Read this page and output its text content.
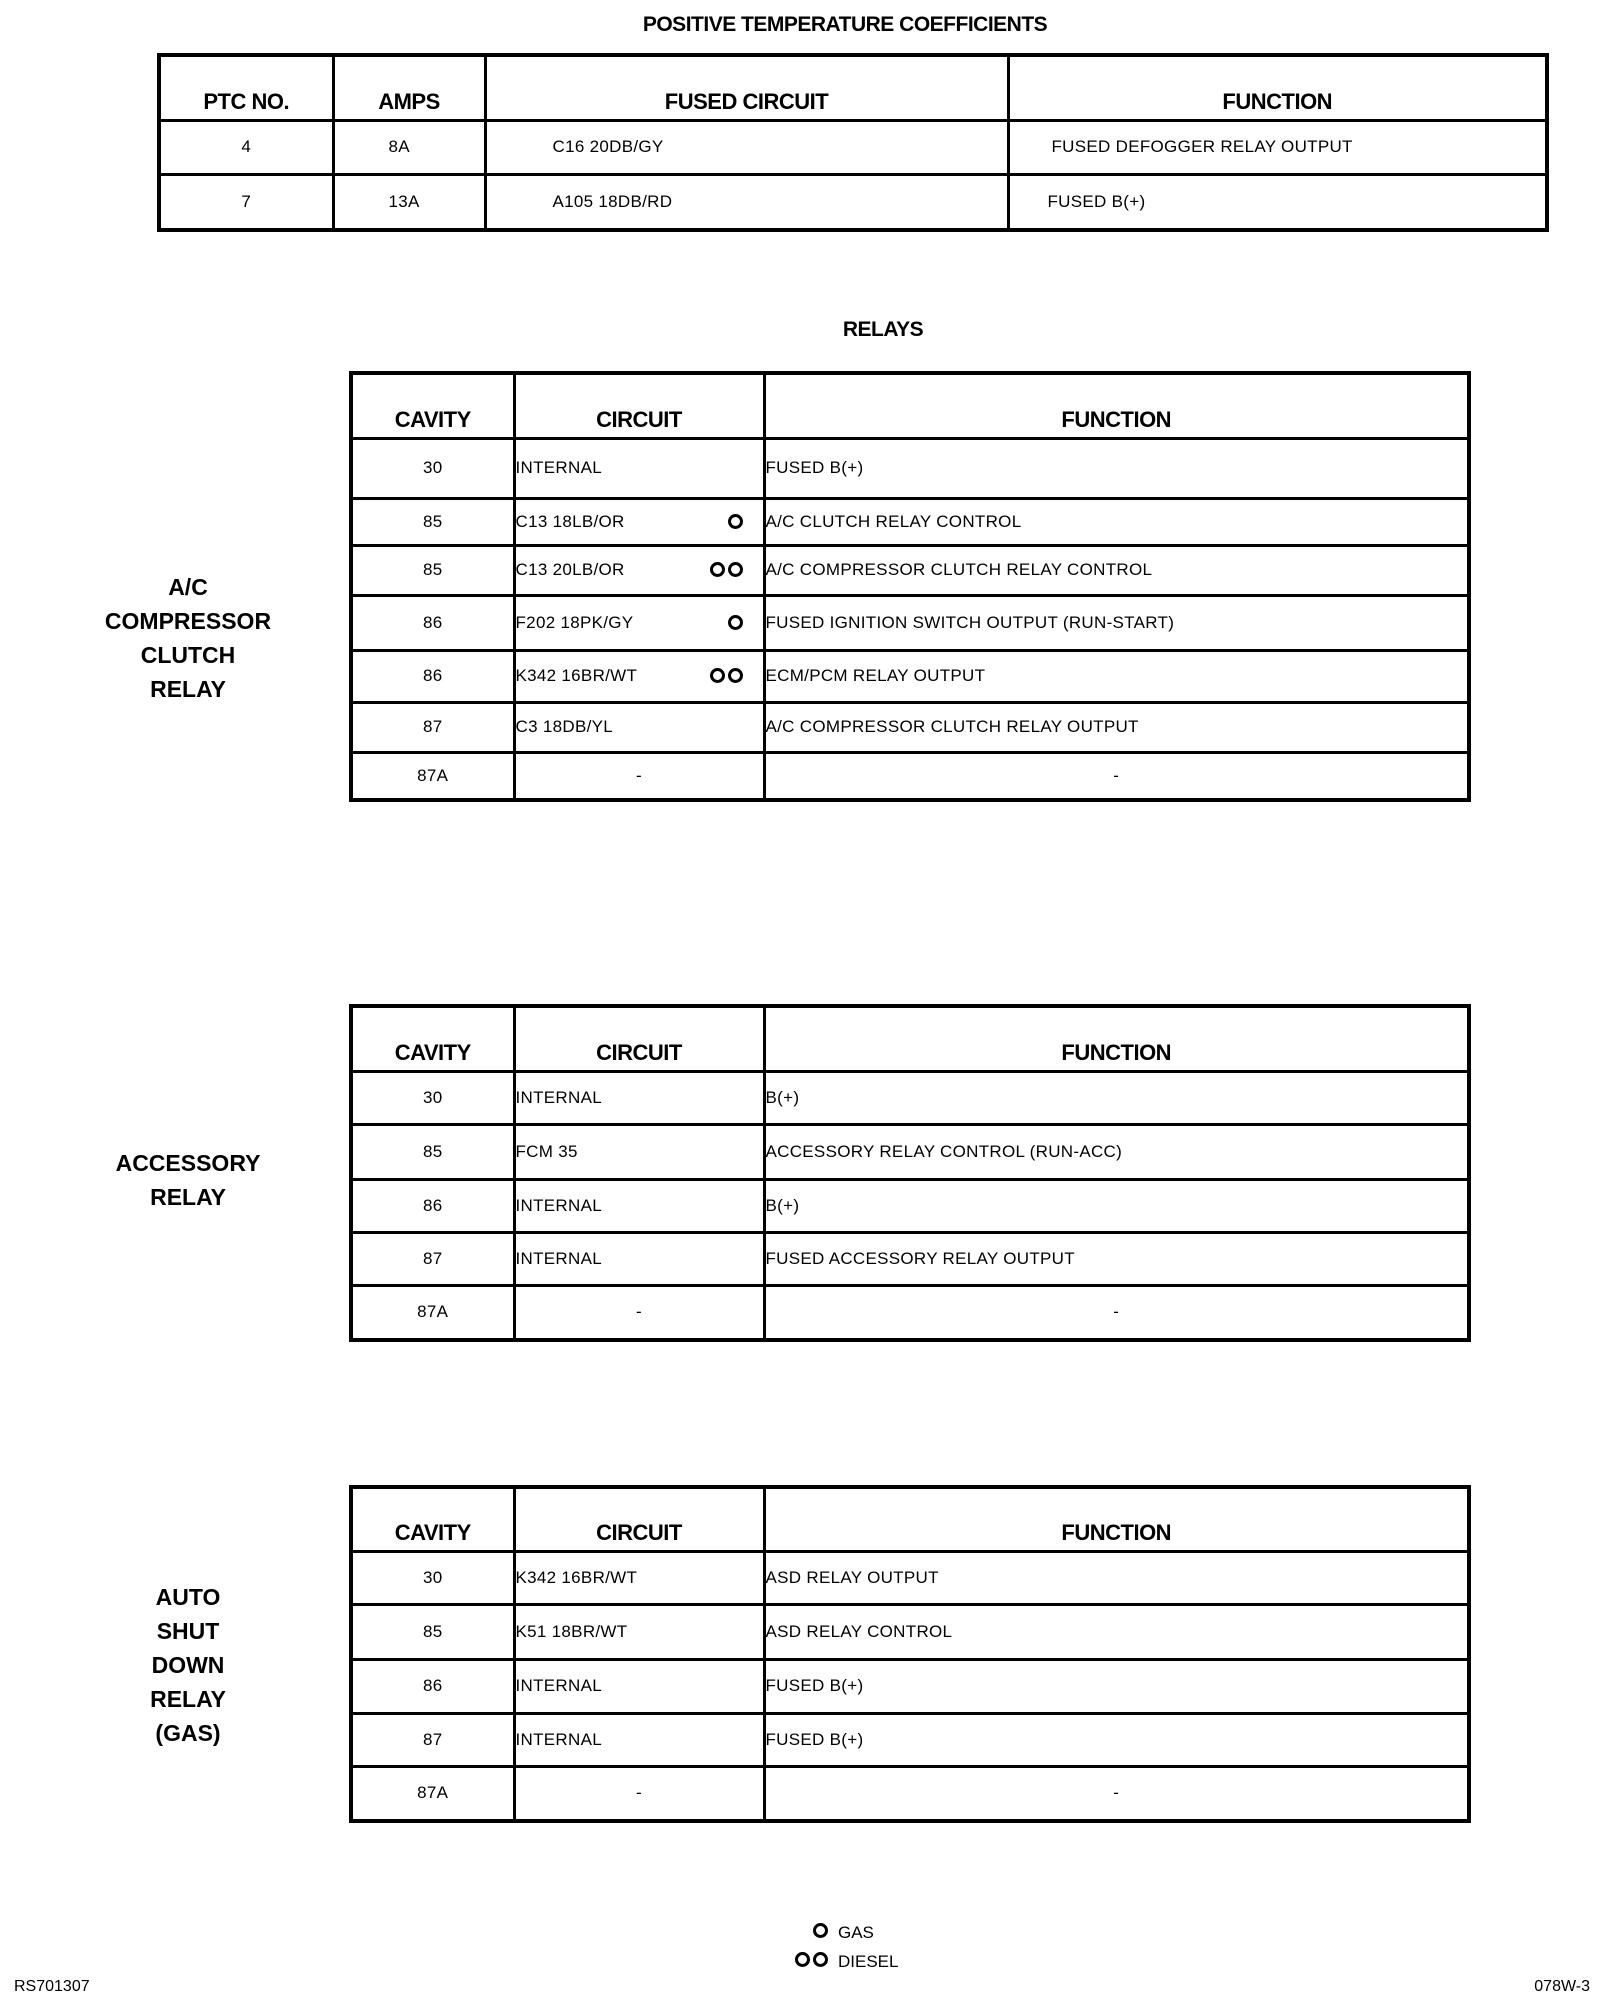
POSITIVE TEMPERATURE COEFFICIENTS
PTC NO.	AMPS	FUSED CIRCUIT	FUNCTION
4	8A	C16 20DB/GY	FUSED DEFOGGER RELAY OUTPUT
7	13A	A105 18DB/RD	FUSED B(+)
RELAYS
A/C
COMPRESSOR
CLUTCH
RELAY
CAVITY	CIRCUIT	FUNCTION
30	INTERNAL	FUSED B(+)
85	C13 18LB/OR	A/C CLUTCH RELAY CONTROL
85	C13 20LB/OR	A/C COMPRESSOR CLUTCH RELAY CONTROL
86	F202 18PK/GY	FUSED IGNITION SWITCH OUTPUT (RUN-START)
86	K342 16BR/WT	ECM/PCM RELAY OUTPUT
87	C3 18DB/YL	A/C COMPRESSOR CLUTCH RELAY OUTPUT
87A	-	-
ACCESSORY
RELAY
CAVITY	CIRCUIT	FUNCTION
30	INTERNAL	B(+)
85	FCM 35	ACCESSORY RELAY CONTROL (RUN-ACC)
86	INTERNAL	B(+)
87	INTERNAL	FUSED ACCESSORY RELAY OUTPUT
87A	-	-
AUTO
SHUT
DOWN
RELAY
(GAS)
CAVITY	CIRCUIT	FUNCTION
30	K342 16BR/WT	ASD RELAY OUTPUT
85	K51 18BR/WT	ASD RELAY CONTROL
86	INTERNAL	FUSED B(+)
87	INTERNAL	FUSED B(+)
87A	-	-
GAS
DIESEL
RS701307	078W-3
